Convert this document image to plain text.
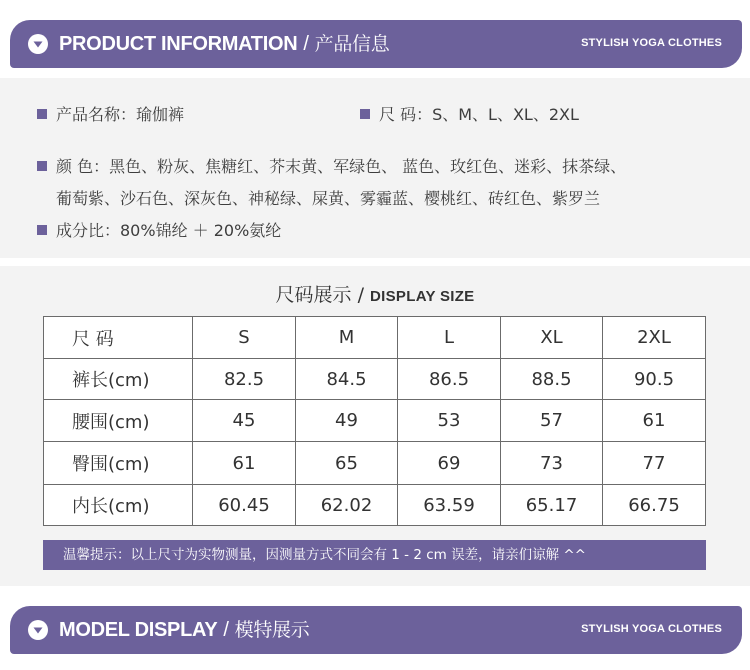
PRODUCT INFORMATION / 产品信息	STYLISH YOGA CLOTHES
产品名称：瑜伽裤	尺 码：S、M、L、XL、2XL
颜 色：黑色、粉灰、焦糖红、芥末黄、军绿色、 蓝色、玫红色、迷彩、抹茶绿、
葡萄紫、沙石色、深灰色、神秘绿、屎黄、雾霾蓝、樱桃红、砖红色、紫罗兰
成分比：80%锦纶 ＋ 20%氨纶
尺码展示 / DISPLAY SIZE
尺 码	S	M	L	XL	2XL
裤长(cm)	82.5	84.5	86.5	88.5	90.5
腰围(cm)	45	49	53	57	61
臀围(cm)	61	65	69	73	77
内长(cm)	60.45	62.02	63.59	65.17	66.75
温馨提示：以上尺寸为实物测量，因测量方式不同会有 1 - 2 cm 误差，请亲们谅解 ^^
MODEL DISPLAY / 模特展示	STYLISH YOGA CLOTHES
